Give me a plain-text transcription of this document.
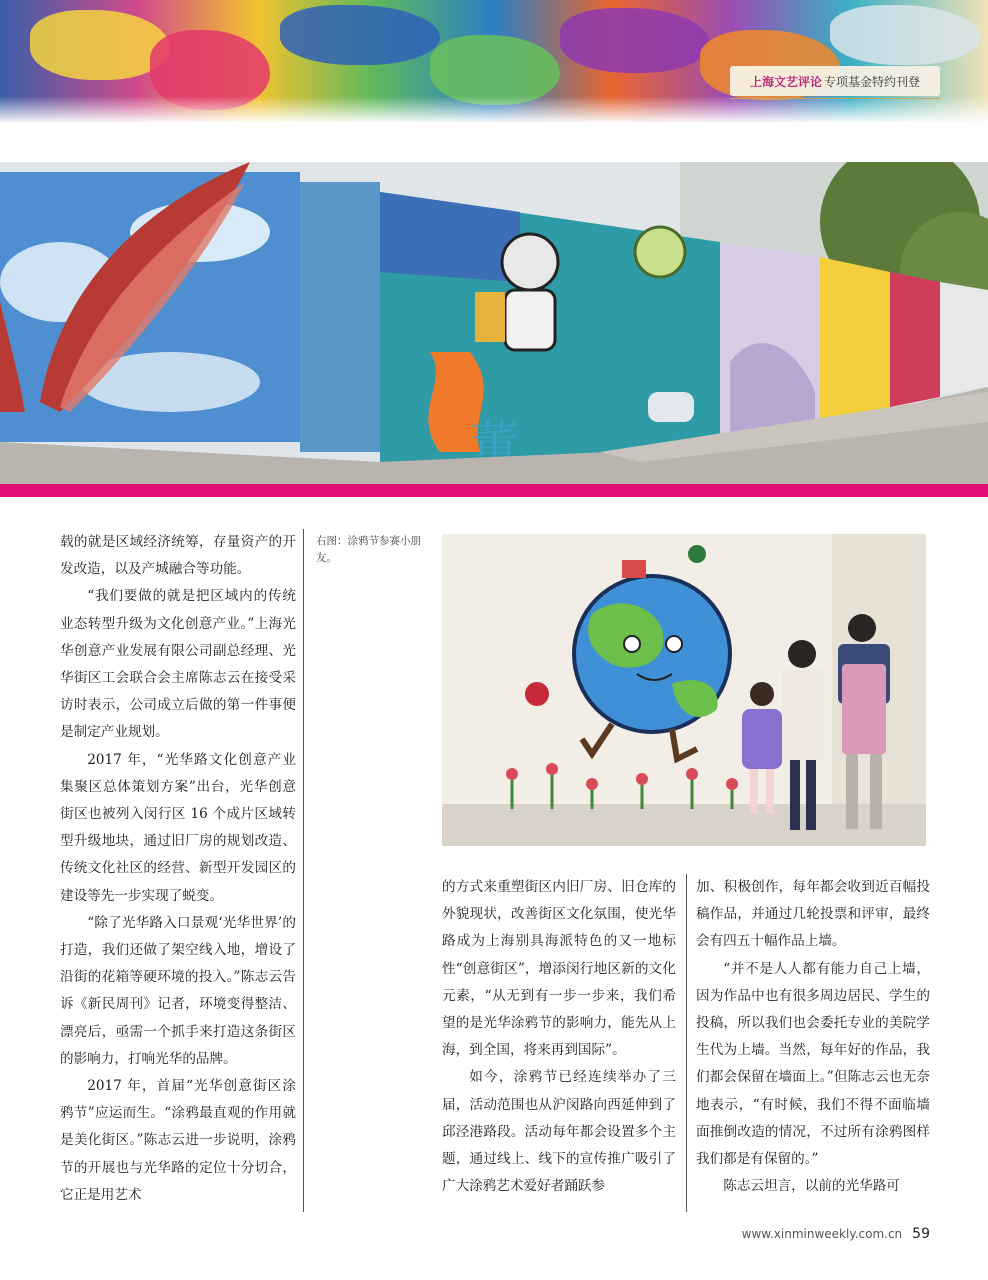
上海文艺评论 专项基金特约刊登
董
右图：涂鸦节参赛小朋友。

载的就是区域经济统筹，存量资产的开发改造，以及产城融合等功能。

“我们要做的就是把区域内的传统业态转型升级为文化创意产业。”上海光华创意产业发展有限公司副总经理、光华街区工会联合会主席陈志云在接受采访时表示，公司成立后做的第一件事便是制定产业规划。

2017 年，“光华路文化创意产业集聚区总体策划方案”出台，光华创意街区也被列入闵行区 16 个成片区域转型升级地块，通过旧厂房的规划改造、传统文化社区的经营、新型开发园区的建设等先一步实现了蜕变。

“除了光华路入口景观‘光华世界’的打造，我们还做了架空线入地，增设了沿街的花箱等硬环境的投入。”陈志云告诉《新民周刊》记者，环境变得整洁、漂亮后，亟需一个抓手来打造这条街区的影响力，打响光华的品牌。

2017 年，首届“光华创意街区涂鸦节”应运而生。“涂鸦最直观的作用就是美化街区。”陈志云进一步说明，涂鸦节的开展也与光华路的定位十分切合，它正是用艺术

的方式来重塑街区内旧厂房、旧仓库的外貌现状，改善街区文化氛围，使光华路成为上海别具海派特色的又一地标性“创意街区”，增添闵行地区新的文化元素，“从无到有一步一步来，我们希望的是光华涂鸦节的影响力，能先从上海，到全国，将来再到国际”。

如今，涂鸦节已经连续举办了三届，活动范围也从沪闵路向西延伸到了邱泾港路段。活动每年都会设置多个主题，通过线上、线下的宣传推广吸引了广大涂鸦艺术爱好者踊跃参

加、积极创作，每年都会收到近百幅投稿作品，并通过几轮投票和评审，最终会有四五十幅作品上墙。

“并不是人人都有能力自己上墙，因为作品中也有很多周边居民、学生的投稿，所以我们也会委托专业的美院学生代为上墙。当然，每年好的作品，我们都会保留在墙面上。”但陈志云也无奈地表示，“有时候，我们不得不面临墙面推倒改造的情况，不过所有涂鸦图样我们都是有保留的。”

陈志云坦言，以前的光华路可

www.xinminweekly.com.cn 59
